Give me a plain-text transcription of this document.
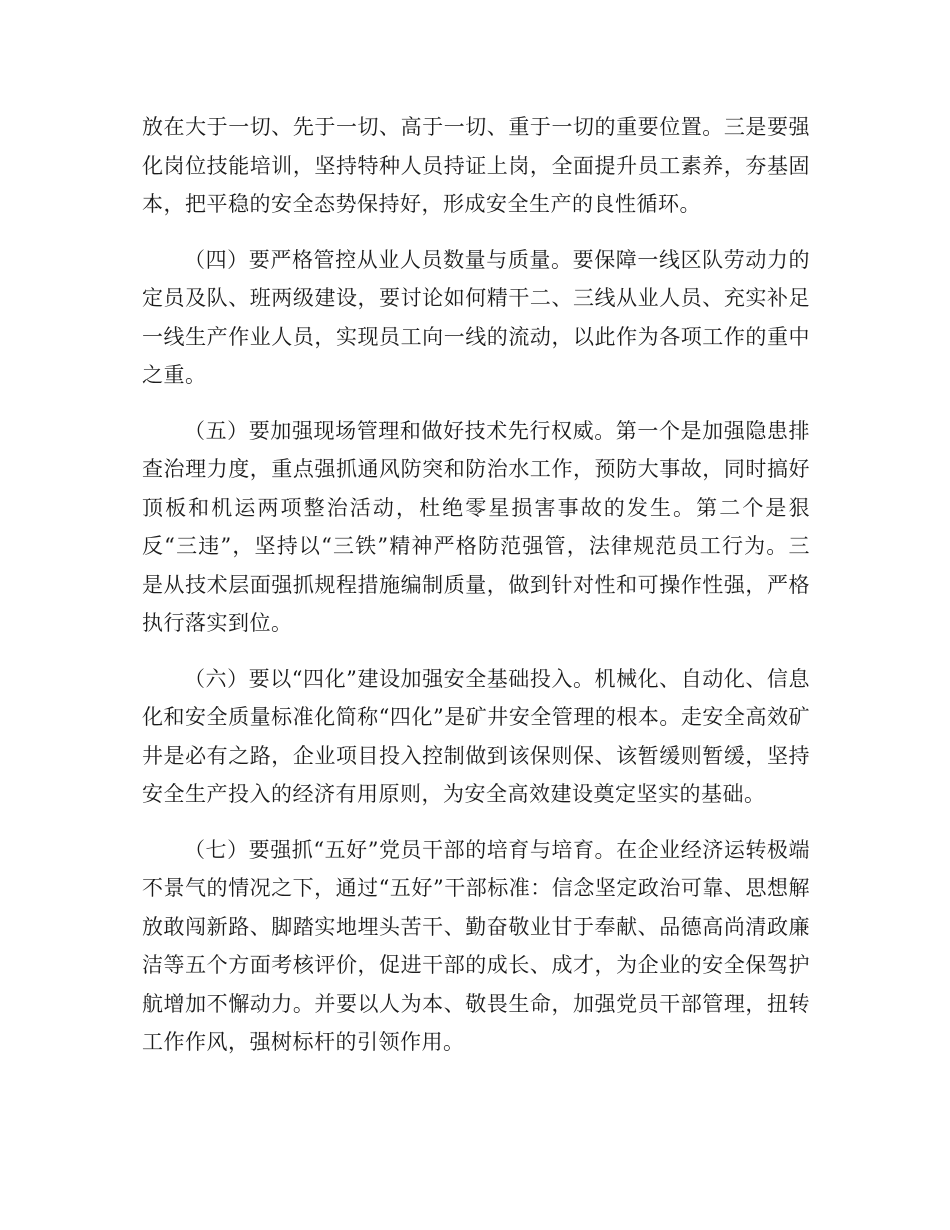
放在大于一切、先于一切、高于一切、重于一切的重要位置。三是要强化岗位技能培训，坚持特种人员持证上岗，全面提升员工素养，夯基固本，把平稳的安全态势保持好，形成安全生产的良性循环。

（四）要严格管控从业人员数量与质量。要保障一线区队劳动力的定员及队、班两级建设，要讨论如何精干二、三线从业人员、充实补足一线生产作业人员，实现员工向一线的流动，以此作为各项工作的重中之重。

（五）要加强现场管理和做好技术先行权威。第一个是加强隐患排查治理力度，重点强抓通风防突和防治水工作，预防大事故，同时搞好顶板和机运两项整治活动，杜绝零星损害事故的发生。第二个是狠反“三违”，坚持以“三铁”精神严格防范强管，法律规范员工行为。三是从技术层面强抓规程措施编制质量，做到针对性和可操作性强，严格执行落实到位。

（六）要以“四化”建设加强安全基础投入。机械化、自动化、信息化和安全质量标准化简称“四化”是矿井安全管理的根本。走安全高效矿井是必有之路，企业项目投入控制做到该保则保、该暂缓则暂缓，坚持安全生产投入的经济有用原则，为安全高效建设奠定坚实的基础。

（七）要强抓“五好”党员干部的培育与培育。在企业经济运转极端不景气的情况之下，通过“五好”干部标准：信念坚定政治可靠、思想解放敢闯新路、脚踏实地埋头苦干、勤奋敬业甘于奉献、品德高尚清政廉洁等五个方面考核评价，促进干部的成长、成才，为企业的安全保驾护航增加不懈动力。并要以人为本、敬畏生命，加强党员干部管理，扭转工作作风，强树标杆的引领作用。
